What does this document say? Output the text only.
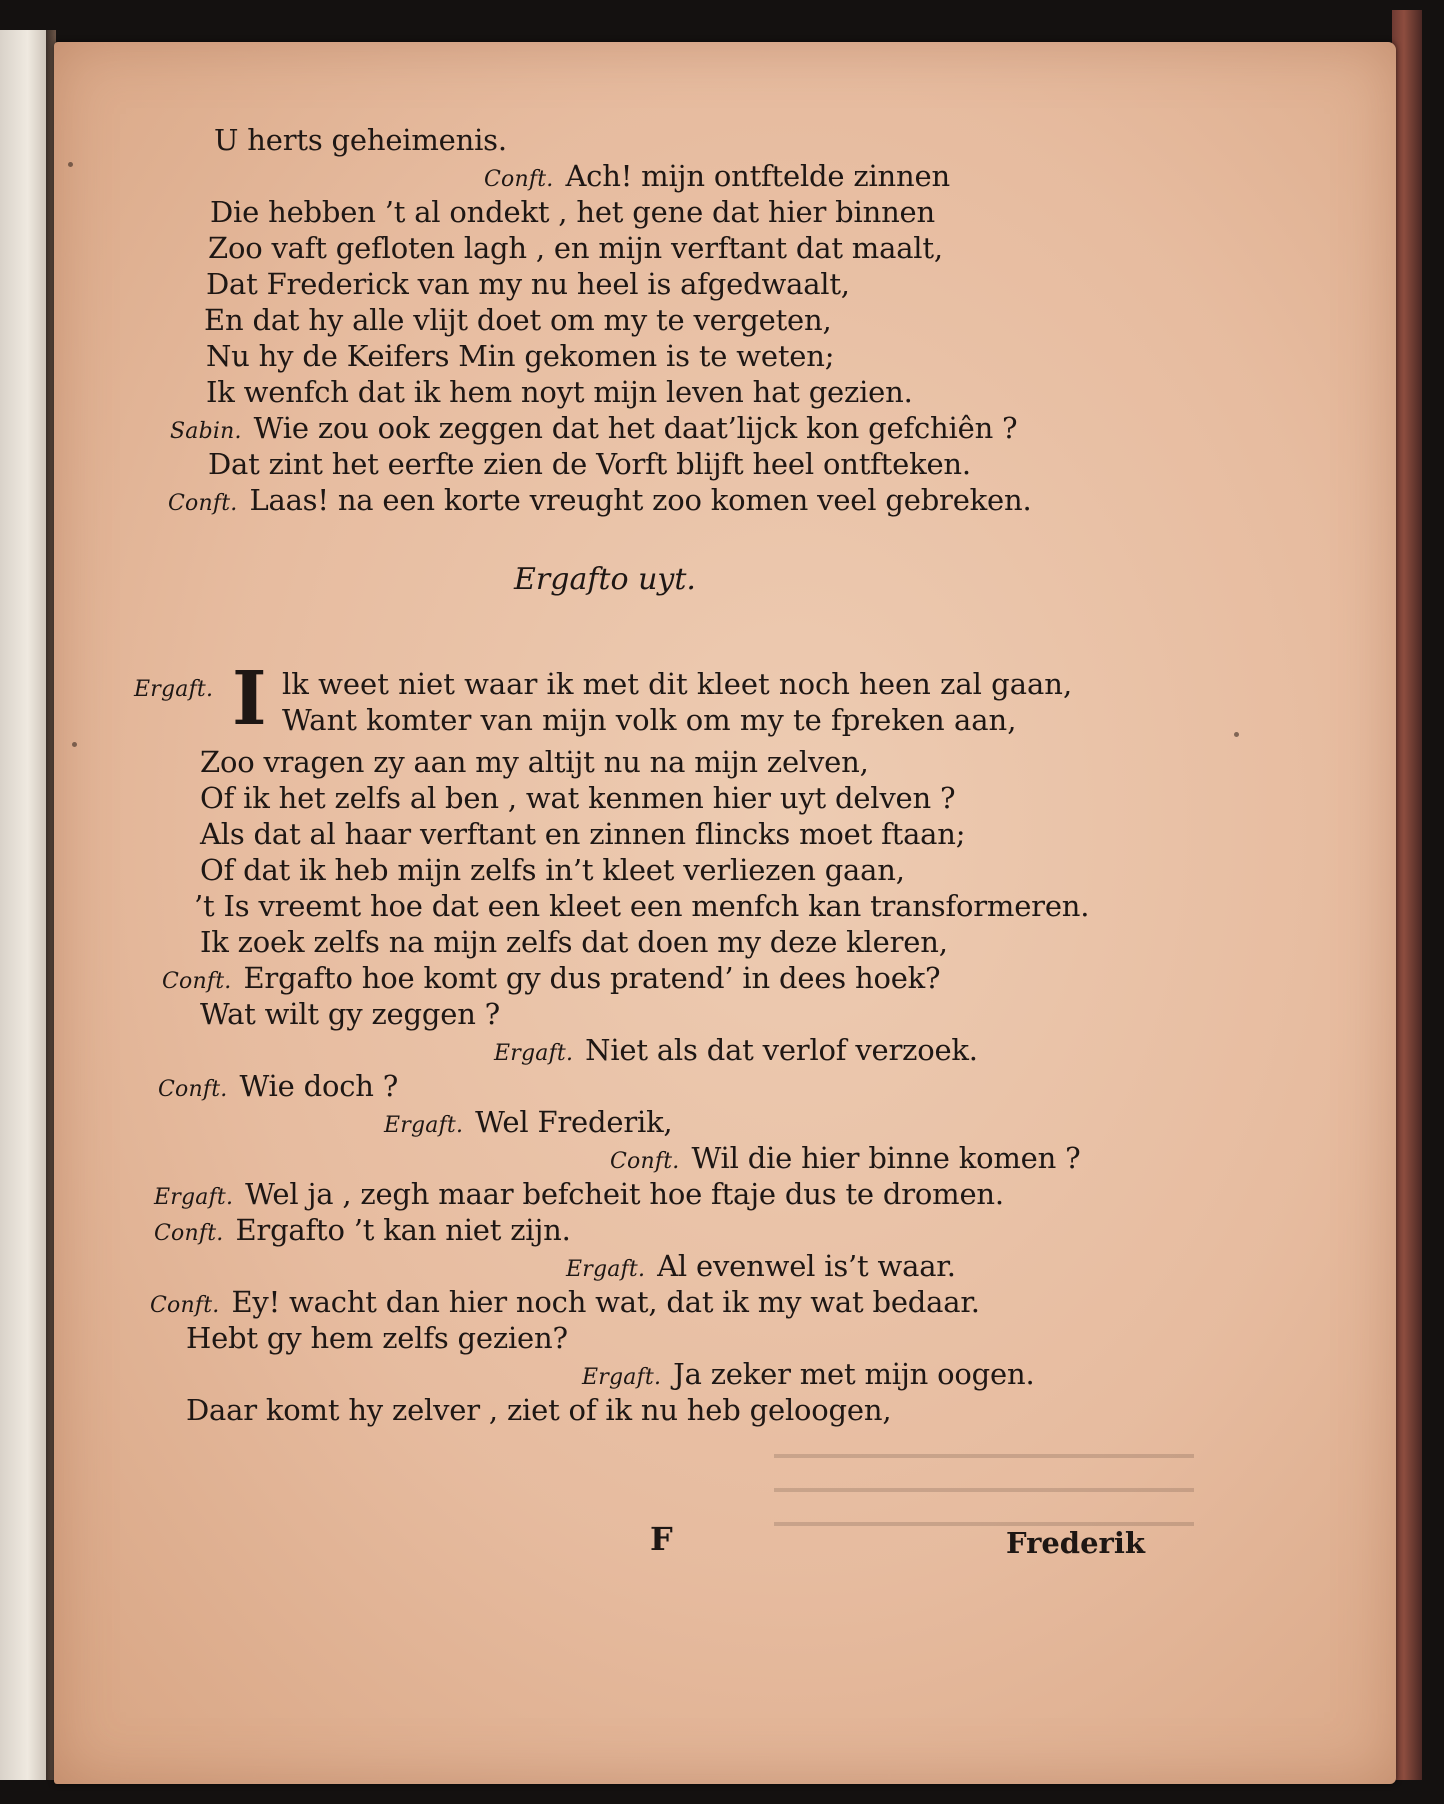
U herts geheimenis.
Conft. Ach! mijn ontftelde zinnen
Die hebben ’t al ondekt , het gene dat hier binnen
Zoo vaft gefloten lagh , en mijn verftant dat maalt,
Dat Frederick van my nu heel is afgedwaalt,
En dat hy alle vlijt doet om my te vergeten,
Nu hy de Keifers Min gekomen is te weten;
Ik wenfch dat ik hem noyt mijn leven hat gezien.
Sabin. Wie zou ook zeggen dat het daat’lijck kon gefchiên ?
Dat zint het eerfte zien de Vorft blijft heel ontfteken.
Conft. Laas! na een korte vreught zoo komen veel gebreken.
Ergafto uyt.
Ergaft. I lk weet niet waar ik met dit kleet noch heen zal gaan,
Want komter van mijn volk om my te fpreken aan,
Zoo vragen zy aan my altijt nu na mijn zelven,
Of ik het zelfs al ben , wat kenmen hier uyt delven ?
Als dat al haar verftant en zinnen flincks moet ftaan;
Of dat ik heb mijn zelfs in’t kleet verliezen gaan,
’t Is vreemt hoe dat een kleet een menfch kan transformeren.
Ik zoek zelfs na mijn zelfs dat doen my deze kleren,
Conft. Ergafto hoe komt gy dus pratend’ in dees hoek?
Wat wilt gy zeggen ?
Ergaft. Niet als dat verlof verzoek.
Conft. Wie doch ?
Ergaft. Wel Frederik,
Conft. Wil die hier binne komen ?
Ergaft. Wel ja , zegh maar befcheit hoe ftaje dus te dromen.
Conft. Ergafto ’t kan niet zijn.
Ergaft. Al evenwel is’t waar.
Conft. Ey! wacht dan hier noch wat, dat ik my wat bedaar.
Hebt gy hem zelfs gezien?
Ergaft. Ja zeker met mijn oogen.
Daar komt hy zelver , ziet of ik nu heb geloogen,
F	Frederik
